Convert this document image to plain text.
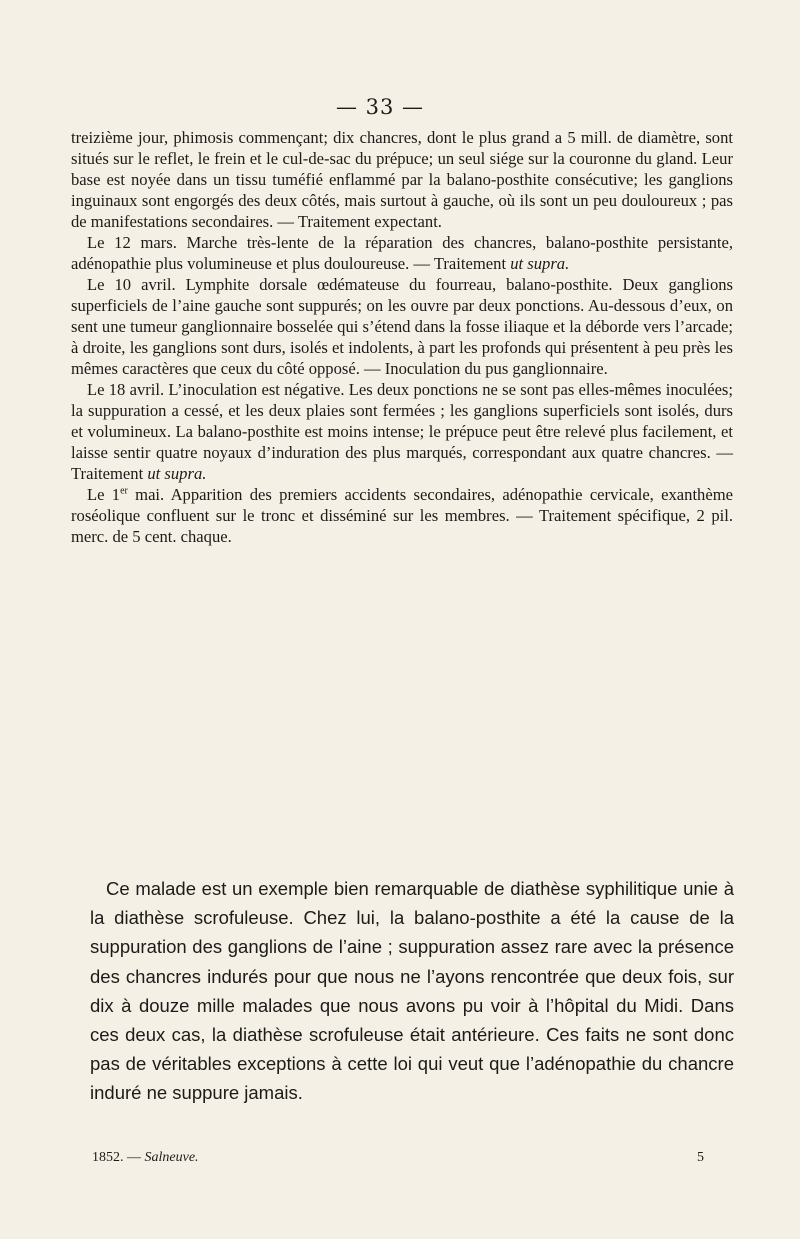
— 33 —

treizième jour, phimosis commençant; dix chancres, dont le plus grand a 5 mill. de diamètre, sont situés sur le reflet, le frein et le cul-de-sac du prépuce; un seul siége sur la couronne du gland. Leur base est noyée dans un tissu tuméfié enflammé par la balano-posthite consécutive; les ganglions inguinaux sont engorgés des deux côtés, mais surtout à gauche, où ils sont un peu douloureux ; pas de manifestations secondaires. — Traitement expectant.

Le 12 mars. Marche très-lente de la réparation des chancres, balano-posthite persistante, adénopathie plus volumineuse et plus douloureuse. — Traitement ut supra.

Le 10 avril. Lymphite dorsale œdémateuse du fourreau, balano-posthite. Deux ganglions superficiels de l’aine gauche sont suppurés; on les ouvre par deux ponctions. Au-dessous d’eux, on sent une tumeur ganglionnaire bosselée qui s’étend dans la fosse iliaque et la déborde vers l’arcade; à droite, les ganglions sont durs, isolés et indolents, à part les profonds qui présentent à peu près les mêmes caractères que ceux du côté opposé. — Inoculation du pus ganglionnaire.

Le 18 avril. L’inoculation est négative. Les deux ponctions ne se sont pas elles-mêmes inoculées; la suppuration a cessé, et les deux plaies sont fermées ; les ganglions superficiels sont isolés, durs et volumineux. La balano-posthite est moins intense; le prépuce peut être relevé plus facilement, et laisse sentir quatre noyaux d’induration des plus marqués, correspondant aux quatre chancres. — Traitement ut supra.

Le 1er mai. Apparition des premiers accidents secondaires, adénopathie cervicale, exanthème roséolique confluent sur le tronc et disséminé sur les membres. — Traitement spécifique, 2 pil. merc. de 5 cent. chaque.

Ce malade est un exemple bien remarquable de diathèse syphilitique unie à la diathèse scrofuleuse. Chez lui, la balano-posthite a été la cause de la suppuration des ganglions de l’aine ; suppuration assez rare avec la présence des chancres indurés pour que nous ne l’ayons rencontrée que deux fois, sur dix à douze mille malades que nous avons pu voir à l’hôpital du Midi. Dans ces deux cas, la diathèse scrofuleuse était antérieure. Ces faits ne sont donc pas de véritables exceptions à cette loi qui veut que l’adénopathie du chancre induré ne suppure jamais.

1852. — Salneuve.	5
